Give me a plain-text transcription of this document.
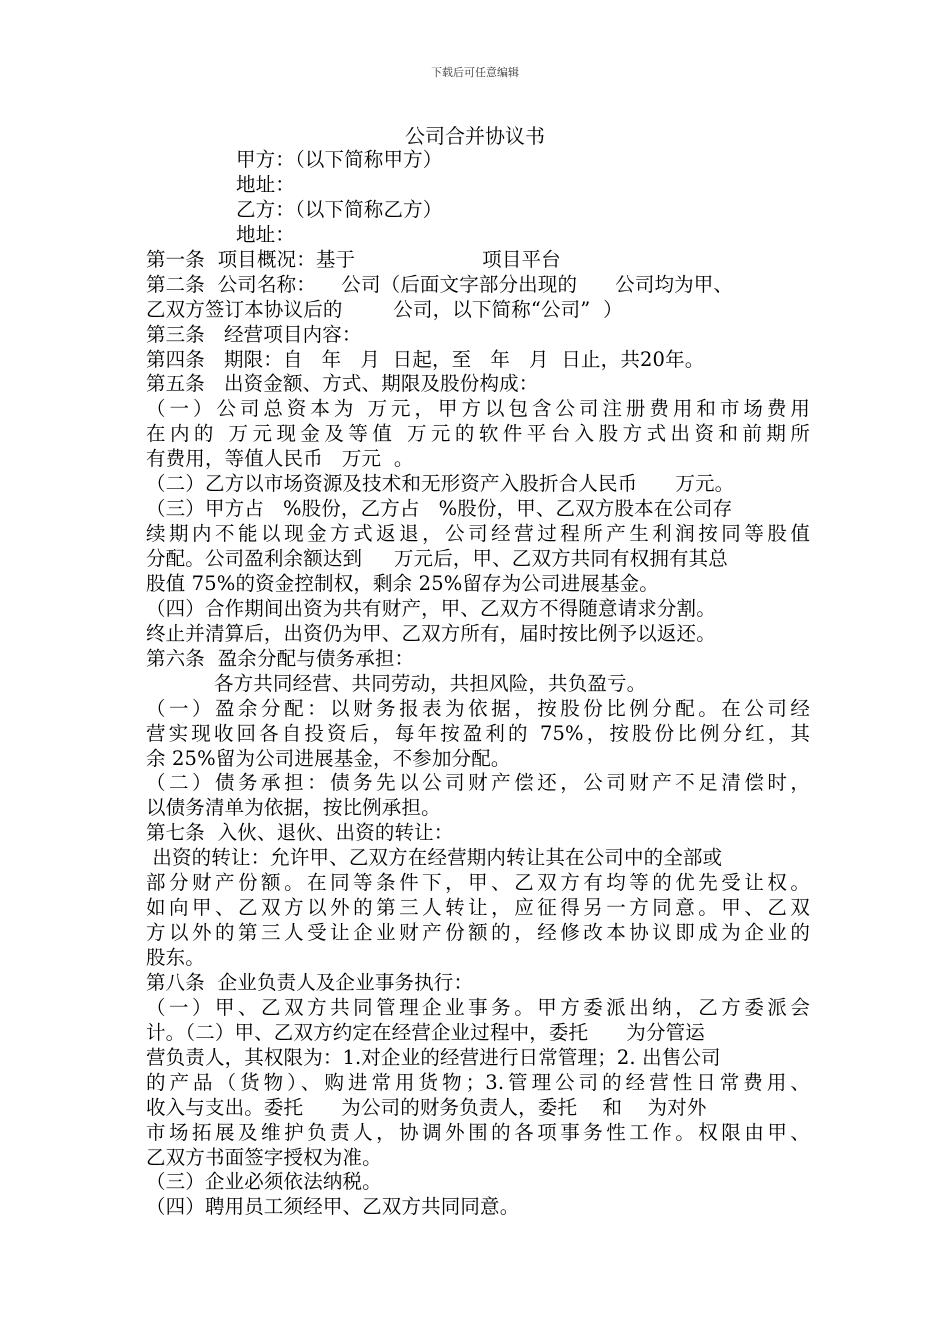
下载后可任意编辑
公司合并协议书
甲方：（以下简称甲方）
地址：
乙方：（以下简称乙方）
地址：
第一条  项目概况：基于                    项目平台
第二条  公司名称：    公司（后面文字部分出现的      公司均为甲、
乙双方签订本协议后的        公司，以下简称“公司”  ）
第三条   经营项目内容：
第四条   期限：自   年   月  日起，至   年   月  日止，共20年。
第五条   出资金额、方式、期限及股份构成：
（一）公司总资本为 万元，甲方以包含公司注册费用和市场费用
在内的 万元现金及等值 万元的软件平台入股方式出资和前期所
有费用，等值人民币   万元  。
（二）乙方以市场资源及技术和无形资产入股折合人民币      万元。
（三）甲方占   %股份，乙方占   %股份，甲、乙双方股本在公司存
续期内不能以现金方式返退，公司经营过程所产生利润按同等股值
分配。公司盈利余额达到     万元后，甲、乙双方共同有权拥有其总
股值 75%的资金控制权，剩余 25%留存为公司进展基金。
（四）合作期间出资为共有财产，甲、乙双方不得随意请求分割。
终止并清算后，出资仍为甲、乙双方所有，届时按比例予以返还。
第六条  盈余分配与债务承担：
各方共同经营、共同劳动，共担风险，共负盈亏。
（一）盈余分配：以财务报表为依据，按股份比例分配。在公司经
营实现收回各自投资后，每年按盈利的 75%，按股份比例分红，其
余 25%留为公司进展基金，不参加分配。
（二）债务承担：债务先以公司财产偿还，公司财产不足清偿时，
以债务清单为依据，按比例承担。
第七条  入伙、退伙、出资的转让：
出资的转让：允许甲、乙双方在经营期内转让其在公司中的全部或
部分财产份额。在同等条件下，甲、乙双方有均等的优先受让权。
如向甲、乙双方以外的第三人转让，应征得另一方同意。甲、乙双
方以外的第三人受让企业财产份额的，经修改本协议即成为企业的
股东。
第八条  企业负责人及企业事务执行：
（一）甲、乙双方共同管理企业事务。甲方委派出纳，乙方委派会
计。（二）甲、乙双方约定在经营企业过程中，委托      为分管运
营负责人，其权限为：1.对企业的经营进行日常管理；2. 出售公司
的产品（货物）、购进常用货物；3.管理公司的经营性日常费用、
收入与支出。委托      为公司的财务负责人，委托    和    为对外
市场拓展及维护负责人，协调外围的各项事务性工作。权限由甲、
乙双方书面签字授权为准。
（三）企业必须依法纳税。
（四）聘用员工须经甲、乙双方共同同意。
